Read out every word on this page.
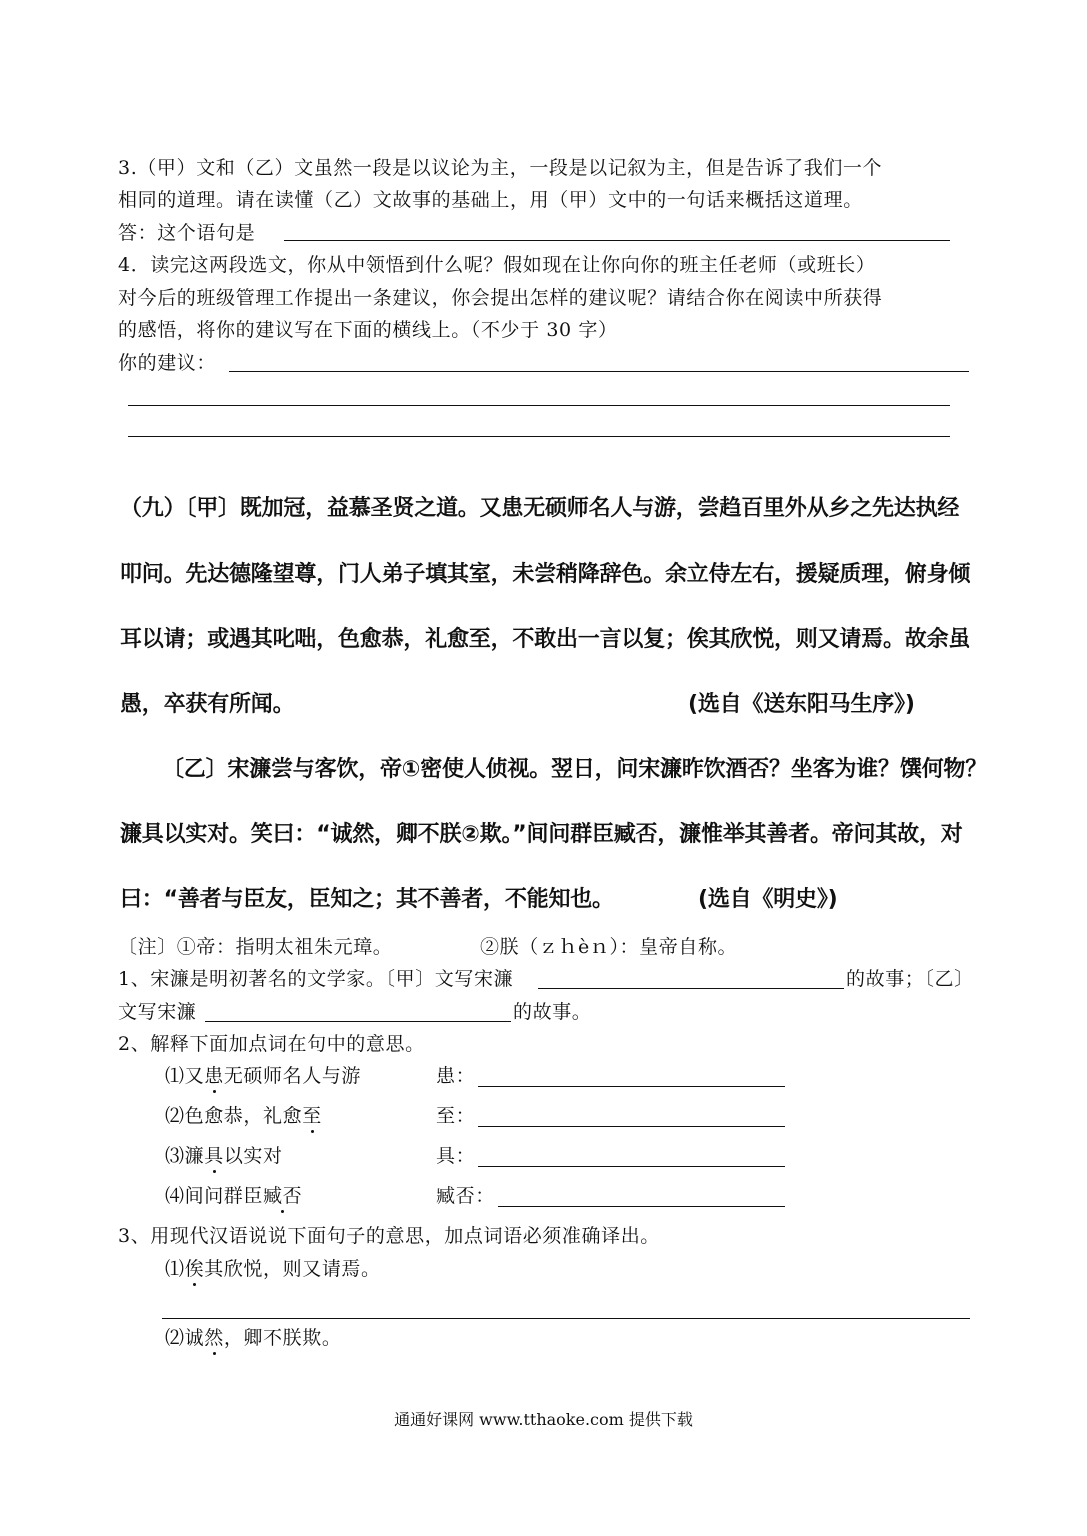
3.（甲）文和（乙）文虽然一段是以议论为主，一段是以记叙为主，但是告诉了我们一个
相同的道理。请在读懂（乙）文故事的基础上，用（甲）文中的一句话来概括这道理。
答：这个语句是
4．读完这两段选文，你从中领悟到什么呢？假如现在让你向你的班主任老师（或班长）
对今后的班级管理工作提出一条建议，你会提出怎样的建议呢？请结合你在阅读中所获得
的感悟，将你的建议写在下面的横线上。（不少于 30 字）
你的建议：
（九）〔甲〕既加冠，益慕圣贤之道。又患无硕师名人与游，尝趋百里外从乡之先达执经
叩问。先达德隆望尊，门人弟子填其室，未尝稍降辞色。余立侍左右，援疑质理，俯身倾
耳以请；或遇其叱咄，色愈恭，礼愈至，不敢出一言以复；俟其欣悦，则又请焉。故余虽
愚，卒获有所闻。	(选自《送东阳马生序》)
〔乙〕宋濂尝与客饮，帝①密使人侦视。翌日，问宋濂昨饮酒否？坐客为谁？馔何物？
濂具以实对。笑曰：“诚然，卿不朕②欺。”间问群臣臧否，濂惟举其善者。帝问其故，对
曰：“善者与臣友，臣知之；其不善者，不能知也。	(选自《明史》)
〔注〕①帝：指明太祖朱元璋。	②朕（ｚｈèｎ）：皇帝自称。
1、宋濂是明初著名的文学家。〔甲〕文写宋濂	的故事；〔乙〕
文写宋濂	的故事。
2、解释下面加点词在句中的意思。
⑴又患无硕师名人与游	患：
⑵色愈恭，礼愈至	至：
⑶濂具以实对	具：
⑷间问群臣臧否	臧否：
3、用现代汉语说说下面句子的意思，加点词语必须准确译出。
⑴俟其欣悦，则又请焉。
⑵诚然，卿不朕欺。
通通好课网 www.tthaoke.com 提供下载
